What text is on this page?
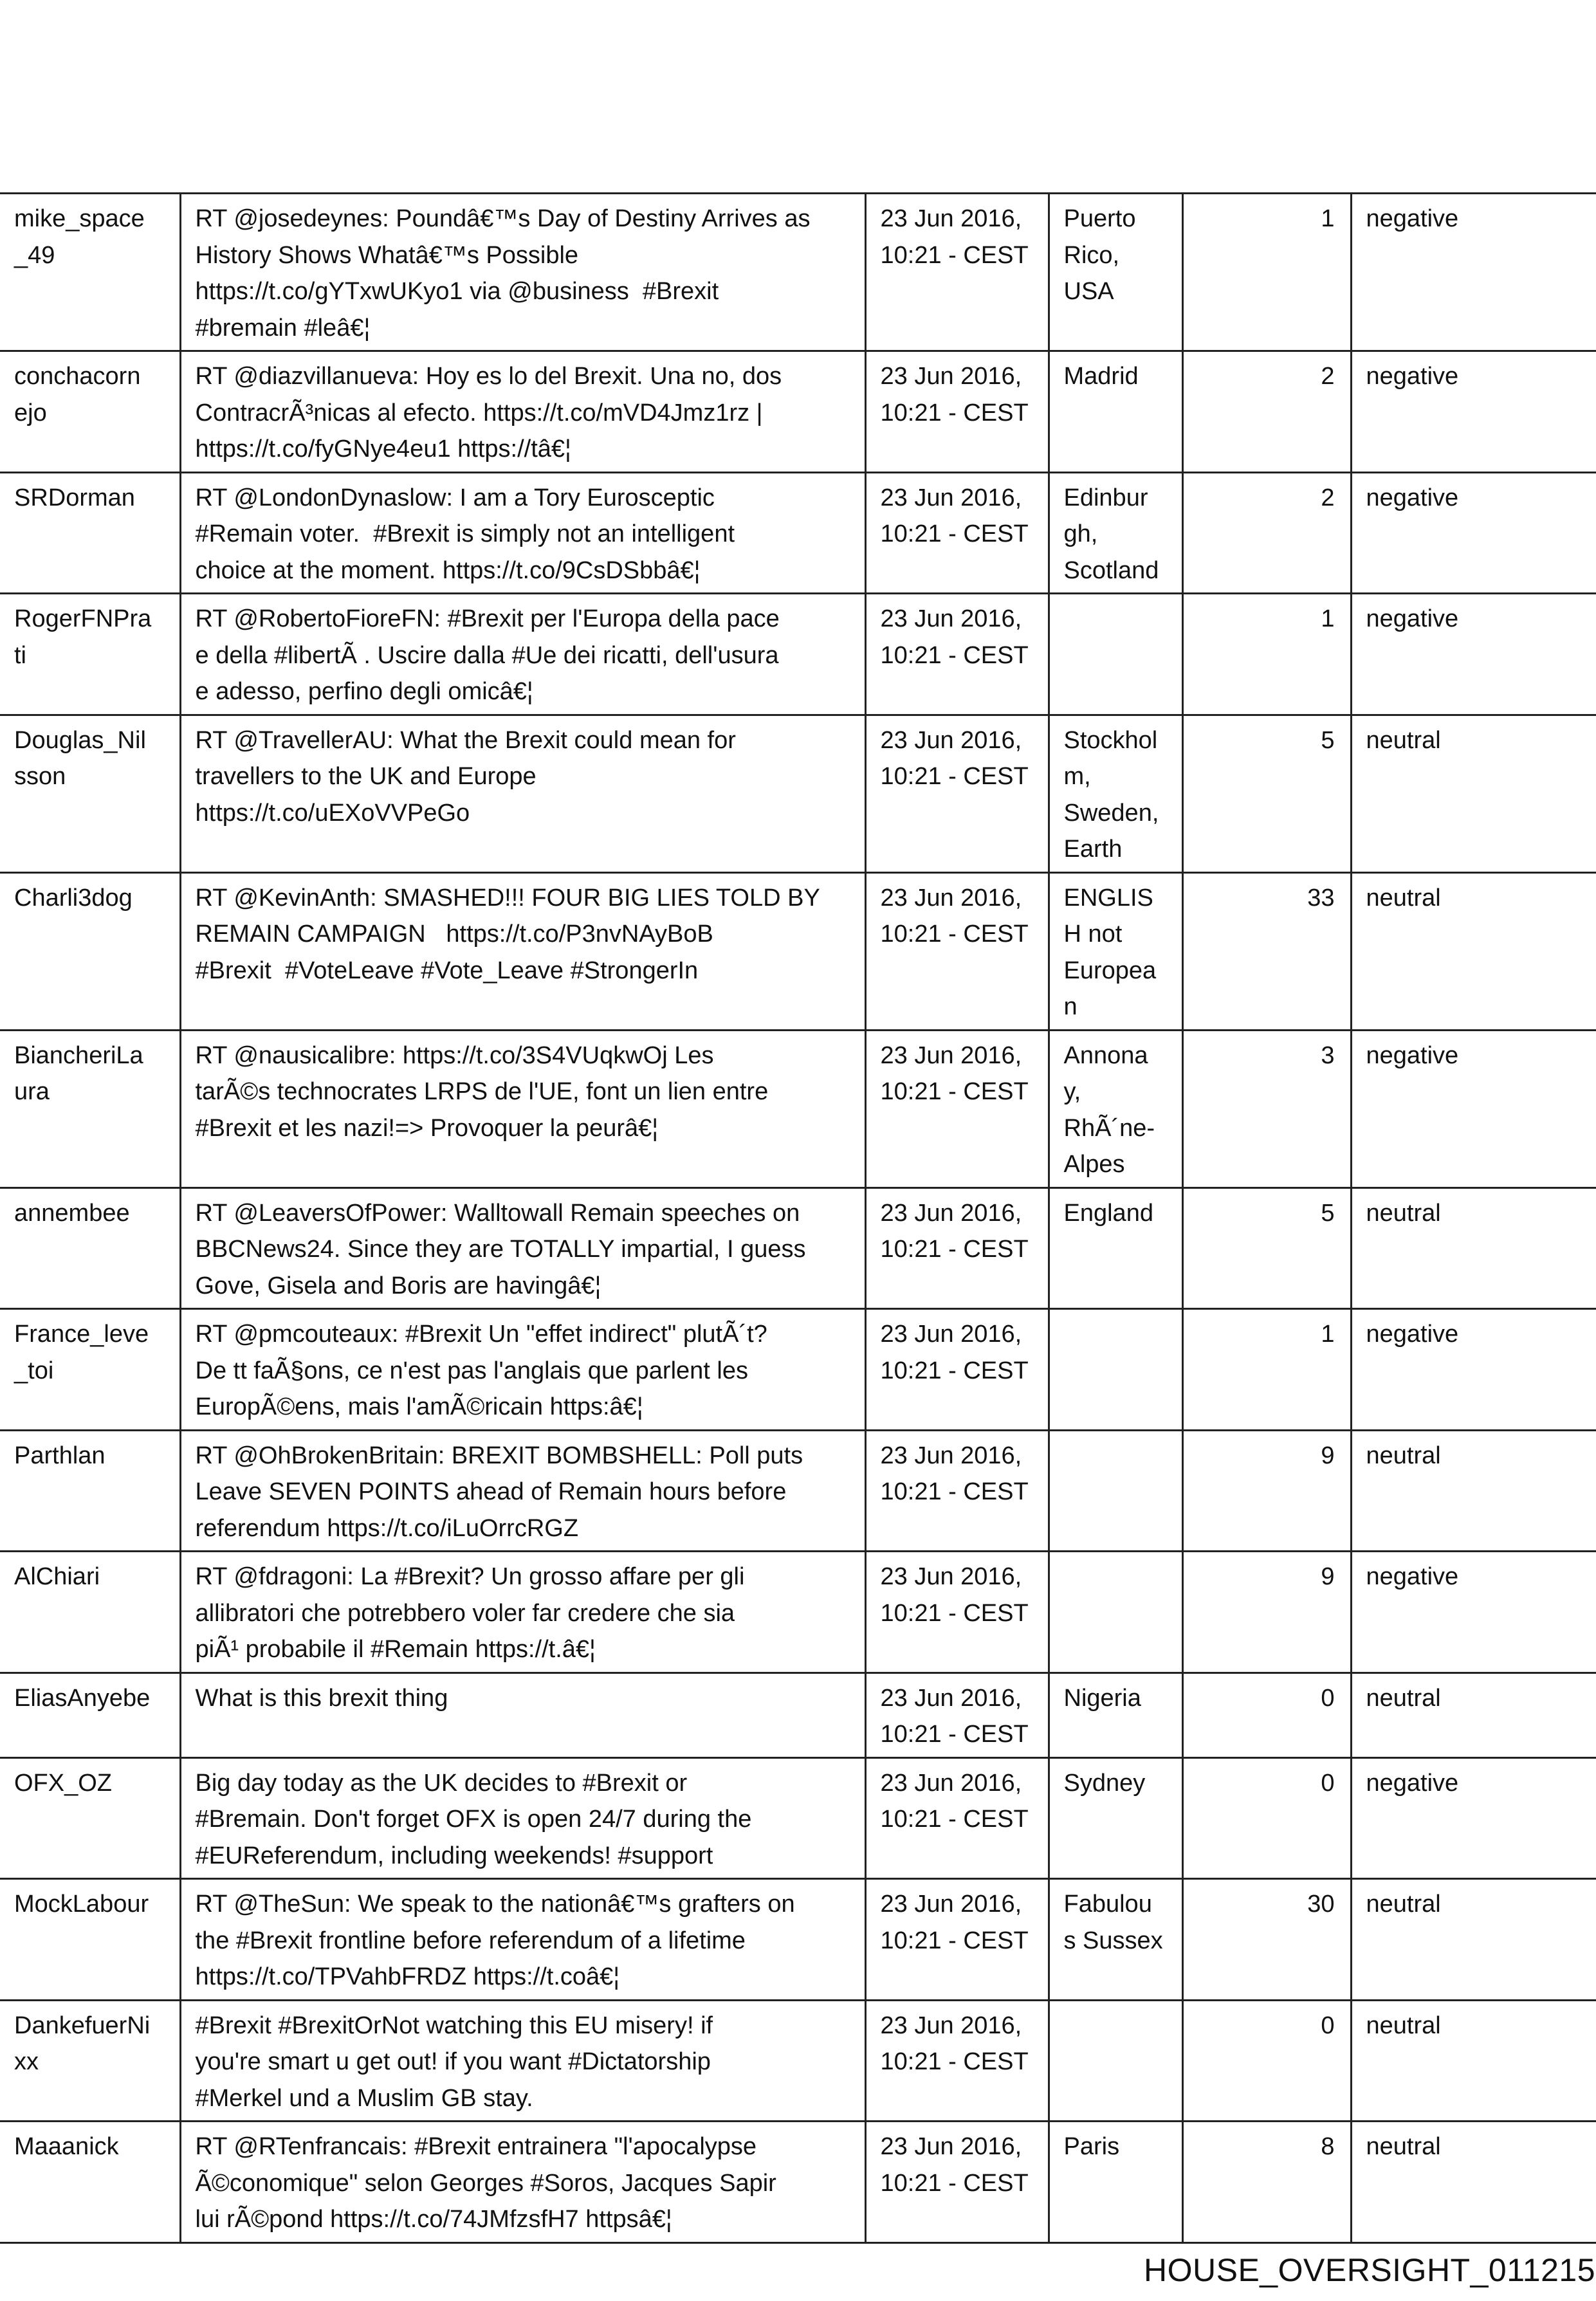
mike_space
_49	RT @josedeynes: Poundâ€™s Day of Destiny Arrives as
History Shows Whatâ€™s Possible
https://t.co/gYTxwUKyo1 via @business  #Brexit
#bremain #leâ€¦	23 Jun 2016,
10:21 - CEST	Puerto
Rico,
USA	1	negative
conchacorn
ejo	RT @diazvillanueva: Hoy es lo del Brexit. Una no, dos
ContracrÃ³nicas al efecto. https://t.co/mVD4Jmz1rz |
https://t.co/fyGNye4eu1 https://tâ€¦	23 Jun 2016,
10:21 - CEST	Madrid	2	negative
SRDorman	RT @LondonDynaslow: I am a Tory Eurosceptic
#Remain voter.  #Brexit is simply not an intelligent
choice at the moment. https://t.co/9CsDSbbâ€¦	23 Jun 2016,
10:21 - CEST	Edinbur
gh,
Scotland	2	negative
RogerFNPra
ti	RT @RobertoFioreFN: #Brexit per l'Europa della pace
e della #libertÃ . Uscire dalla #Ue dei ricatti, dell'usura
e adesso, perfino degli omicâ€¦	23 Jun 2016,
10:21 - CEST		1	negative
Douglas_Nil
sson	RT @TravellerAU: What the Brexit could mean for
travellers to the UK and Europe
https://t.co/uEXoVVPeGo	23 Jun 2016,
10:21 - CEST	Stockhol
m,
Sweden,
Earth	5	neutral
Charli3dog	RT @KevinAnth: SMASHED!!! FOUR BIG LIES TOLD BY
REMAIN CAMPAIGN   https://t.co/P3nvNAyBoB
#Brexit  #VoteLeave #Vote_Leave #StrongerIn	23 Jun 2016,
10:21 - CEST	ENGLIS
H not
Europea
n	33	neutral
BiancheriLa
ura	RT @nausicalibre: https://t.co/3S4VUqkwOj Les
tarÃ©s technocrates LRPS de l'UE, font un lien entre
#Brexit et les nazi!=> Provoquer la peurâ€¦	23 Jun 2016,
10:21 - CEST	Annona
y,
RhÃ´ne-
Alpes	3	negative
annembee	RT @LeaversOfPower: Walltowall Remain speeches on
BBCNews24. Since they are TOTALLY impartial, I guess
Gove, Gisela and Boris are havingâ€¦	23 Jun 2016,
10:21 - CEST	England	5	neutral
France_leve
_toi	RT @pmcouteaux: #Brexit Un "effet indirect" plutÃ´t?
De tt faÃ§ons, ce n'est pas l'anglais que parlent les
EuropÃ©ens, mais l'amÃ©ricain https:â€¦	23 Jun 2016,
10:21 - CEST		1	negative
Parthlan	RT @OhBrokenBritain: BREXIT BOMBSHELL: Poll puts
Leave SEVEN POINTS ahead of Remain hours before
referendum https://t.co/iLuOrrcRGZ	23 Jun 2016,
10:21 - CEST		9	neutral
AlChiari	RT @fdragoni: La #Brexit? Un grosso affare per gli
allibratori che potrebbero voler far credere che sia
piÃ¹ probabile il #Remain https://t.â€¦	23 Jun 2016,
10:21 - CEST		9	negative
EliasAnyebe	What is this brexit thing	23 Jun 2016,
10:21 - CEST	Nigeria	0	neutral
OFX_OZ	Big day today as the UK decides to #Brexit or
#Bremain. Don't forget OFX is open 24/7 during the
#EUReferendum, including weekends! #support	23 Jun 2016,
10:21 - CEST	Sydney	0	negative
MockLabour	RT @TheSun: We speak to the nationâ€™s grafters on
the #Brexit frontline before referendum of a lifetime
https://t.co/TPVahbFRDZ https://t.coâ€¦	23 Jun 2016,
10:21 - CEST	Fabulou
s Sussex	30	neutral
DankefuerNi
xx	#Brexit #BrexitOrNot watching this EU misery! if
you're smart u get out! if you want #Dictatorship
#Merkel und a Muslim GB stay.	23 Jun 2016,
10:21 - CEST		0	neutral
Maaanick	RT @RTenfrancais: #Brexit entrainera "l'apocalypse
Ã©conomique" selon Georges #Soros, Jacques Sapir
lui rÃ©pond https://t.co/74JMfzsfH7 httpsâ€¦	23 Jun 2016,
10:21 - CEST	Paris	8	neutral
HOUSE_OVERSIGHT_011215
